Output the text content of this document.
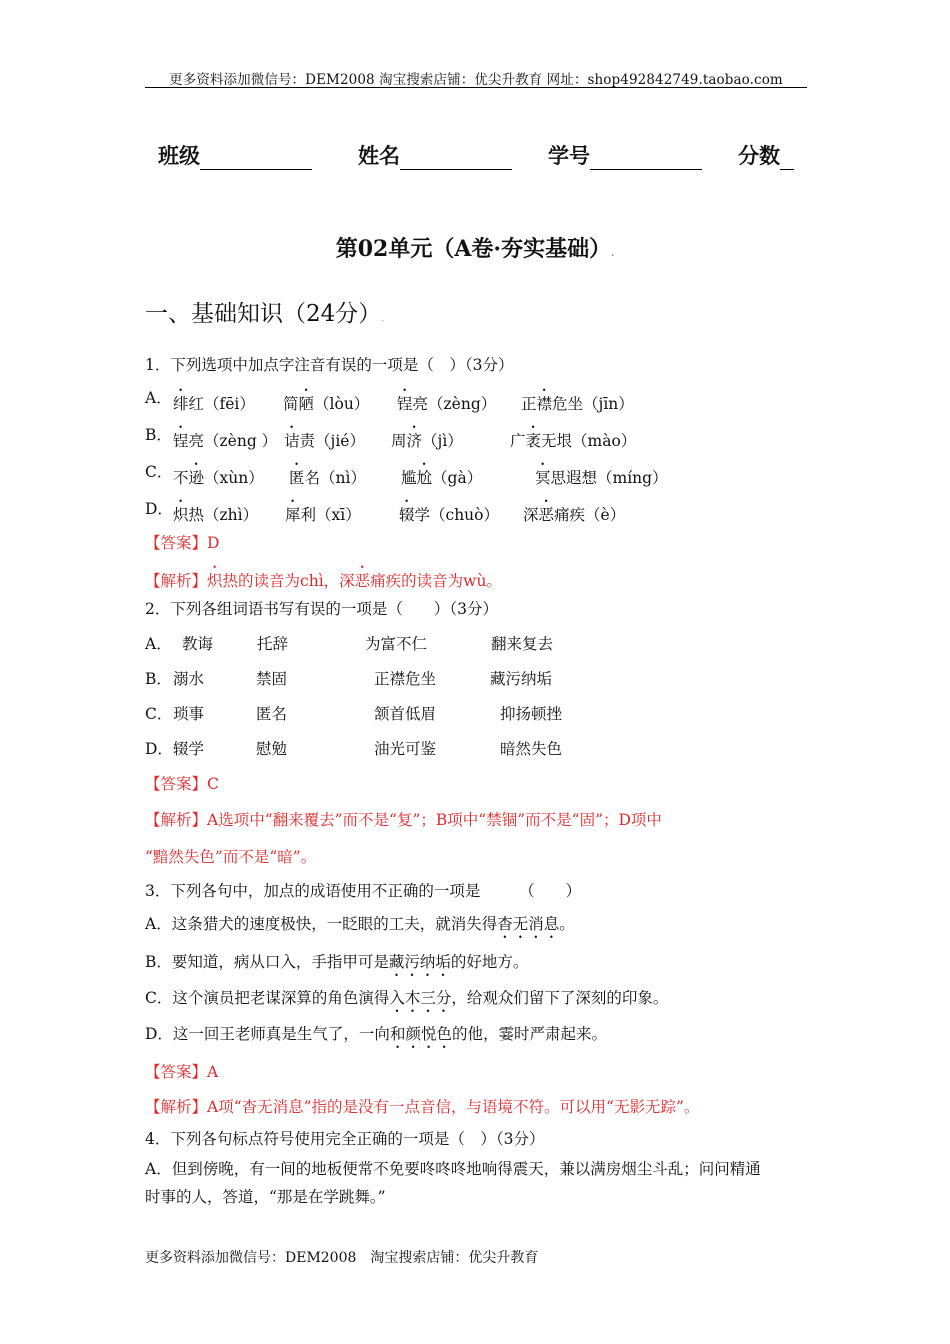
更多资料添加微信号：DEM2008 淘宝搜索店铺：优尖升教育 网址：shop492842749.taobao.com
班级	姓名	学号	分数
第02单元（A卷·夯实基础）.
一、基础知识（24分）.
1．下列选项中加点字注音有误的一项是（　）（3分）
A． 绯红（fēi） 简陋（lòu） 锃亮（zèng） 正襟危坐（jīn）
B． 锃亮（zèng ） 诘责（jié） 周济（jì）	广袤无垠（mào）
C． 不逊（xùn） 匿名（nì） 尴尬（gà）	冥思遐想（míng）
D． 炽热（zhì） 犀利（xī） 辍学（chuò） 深恶痛疾（è）
【答案】D
【解析】炽热的读音为chì，深恶痛疾的读音为wù。
2．下列各组词语书写有误的一项是（　　）（3分）
A． 教诲	托辞	为富不仁	翻来复去
B． 溺水	禁固	正襟危坐	藏污纳垢
C． 琐事	匿名	颔首低眉	抑扬顿挫
D． 辍学	慰勉	油光可鉴	暗然失色
【答案】C
【解析】A选项中“翻来覆去”而不是“复”；B项中“禁锢”而不是“固”；D项中
“黯然失色”而不是“暗”。
3．下列各句中，加点的成语使用不正确的一项是　　　（　　）
A．这条猎犬的速度极快，一眨眼的工夫，就消失得杳无消息。
B．要知道，病从口入，手指甲可是藏污纳垢的好地方。
C．这个演员把老谋深算的角色演得入木三分，给观众们留下了深刻的印象。
D．这一回王老师真是生气了，一向和颜悦色的他，霎时严肃起来。
【答案】A
【解析】A项“杳无消息”指的是没有一点音信，与语境不符。可以用“无影无踪”。
4．下列各句标点符号使用完全正确的一项是（　）（3分）
A．但到傍晚，有一间的地板便常不免要咚咚咚地响得震天，兼以满房烟尘斗乱；问问精通
时事的人，答道，“那是在学跳舞。”
更多资料添加微信号：DEM2008　淘宝搜索店铺：优尖升教育
